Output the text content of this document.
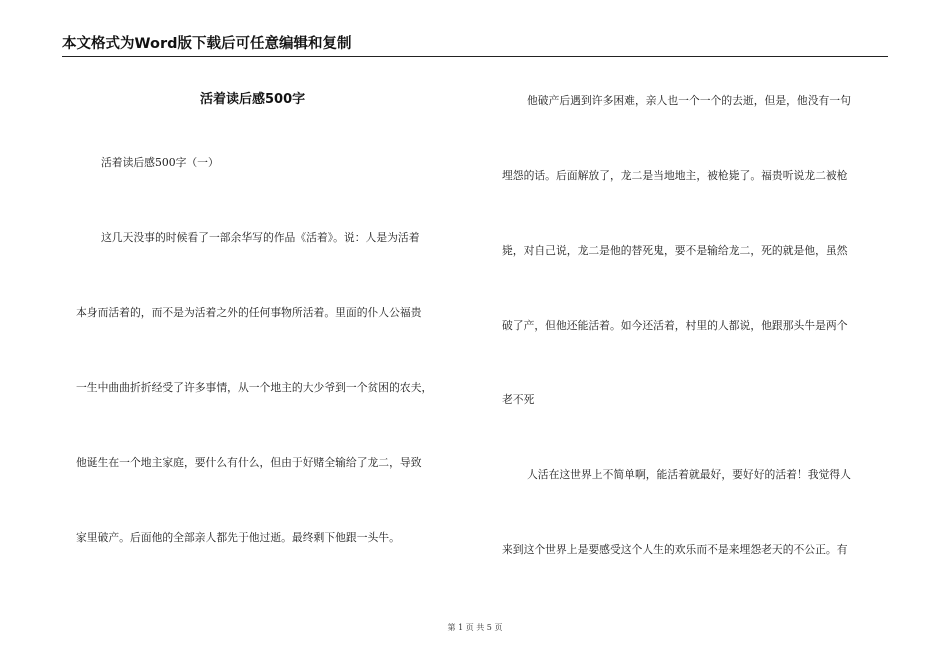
本文格式为Word版下载后可任意编辑和复制
活着读后感500字
活着读后感500字（一）
这几天没事的时候看了一部余华写的作品《活着》。说：人是为活着
本身而活着的，而不是为活着之外的任何事物所活着。里面的仆人公福贵
一生中曲曲折折经受了许多事情，从一个地主的大少爷到一个贫困的农夫，
他诞生在一个地主家庭，要什么有什么，但由于好赌全输给了龙二，导致
家里破产。后面他的全部亲人都先于他过逝。最终剩下他跟一头牛。
他破产后遇到许多困难，亲人也一个一个的去逝，但是，他没有一句
埋怨的话。后面解放了，龙二是当地地主，被枪毙了。福贵听说龙二被枪
毙，对自己说，龙二是他的替死鬼，要不是输给龙二，死的就是他，虽然
破了产，但他还能活着。如今还活着，村里的人都说，他跟那头牛是两个
老不死
人活在这世界上不简单啊，能活着就最好，要好好的活着！我觉得人
来到这个世界上是要感受这个人生的欢乐而不是来埋怨老天的不公正。有
第 1 页 共 5 页
